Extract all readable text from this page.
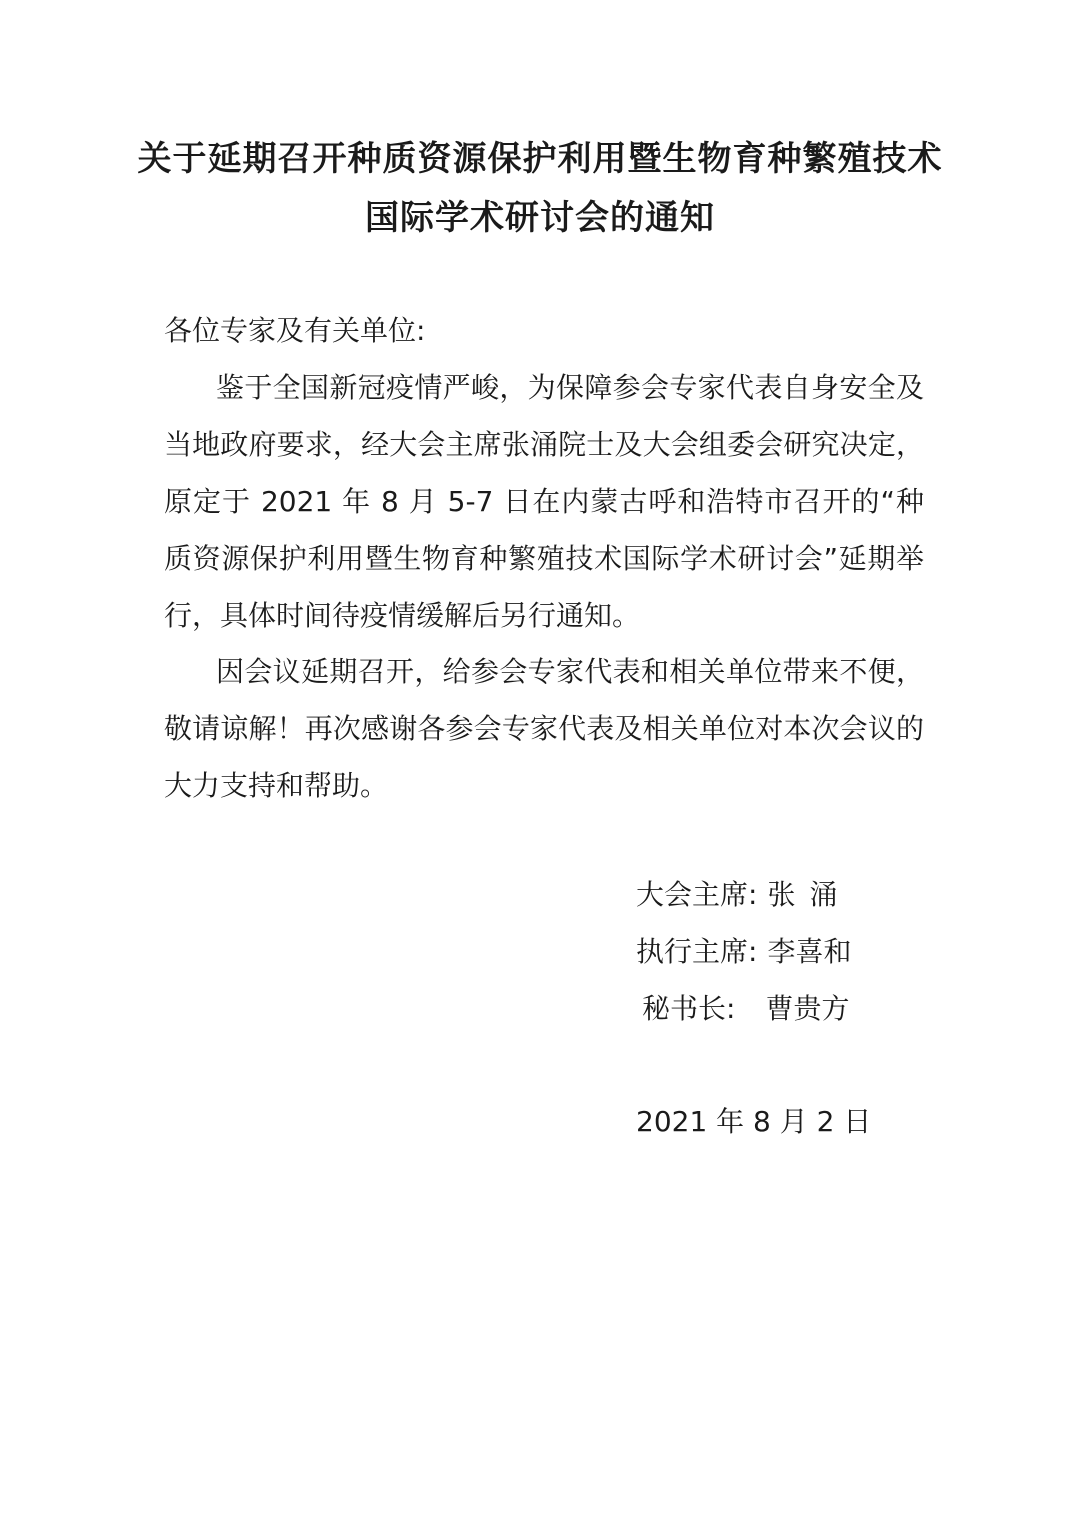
关于延期召开种质资源保护利用暨生物育种繁殖技术
国际学术研讨会的通知
各位专家及有关单位:
鉴于全国新冠疫情严峻，为保障参会专家代表自身安全及当地政府要求，经大会主席张涌院士及大会组委会研究决定，原定于 2021 年 8 月 5-7 日在内蒙古呼和浩特市召开的“种质资源保护利用暨生物育种繁殖技术国际学术研讨会”延期举行，具体时间待疫情缓解后另行通知。
因会议延期召开，给参会专家代表和相关单位带来不便，敬请谅解！再次感谢各参会专家代表及相关单位对本次会议的大力支持和帮助。
大会主席: 张涌
执行主席: 李喜和
秘书长: 曹贵方
2021 年 8 月 2 日
